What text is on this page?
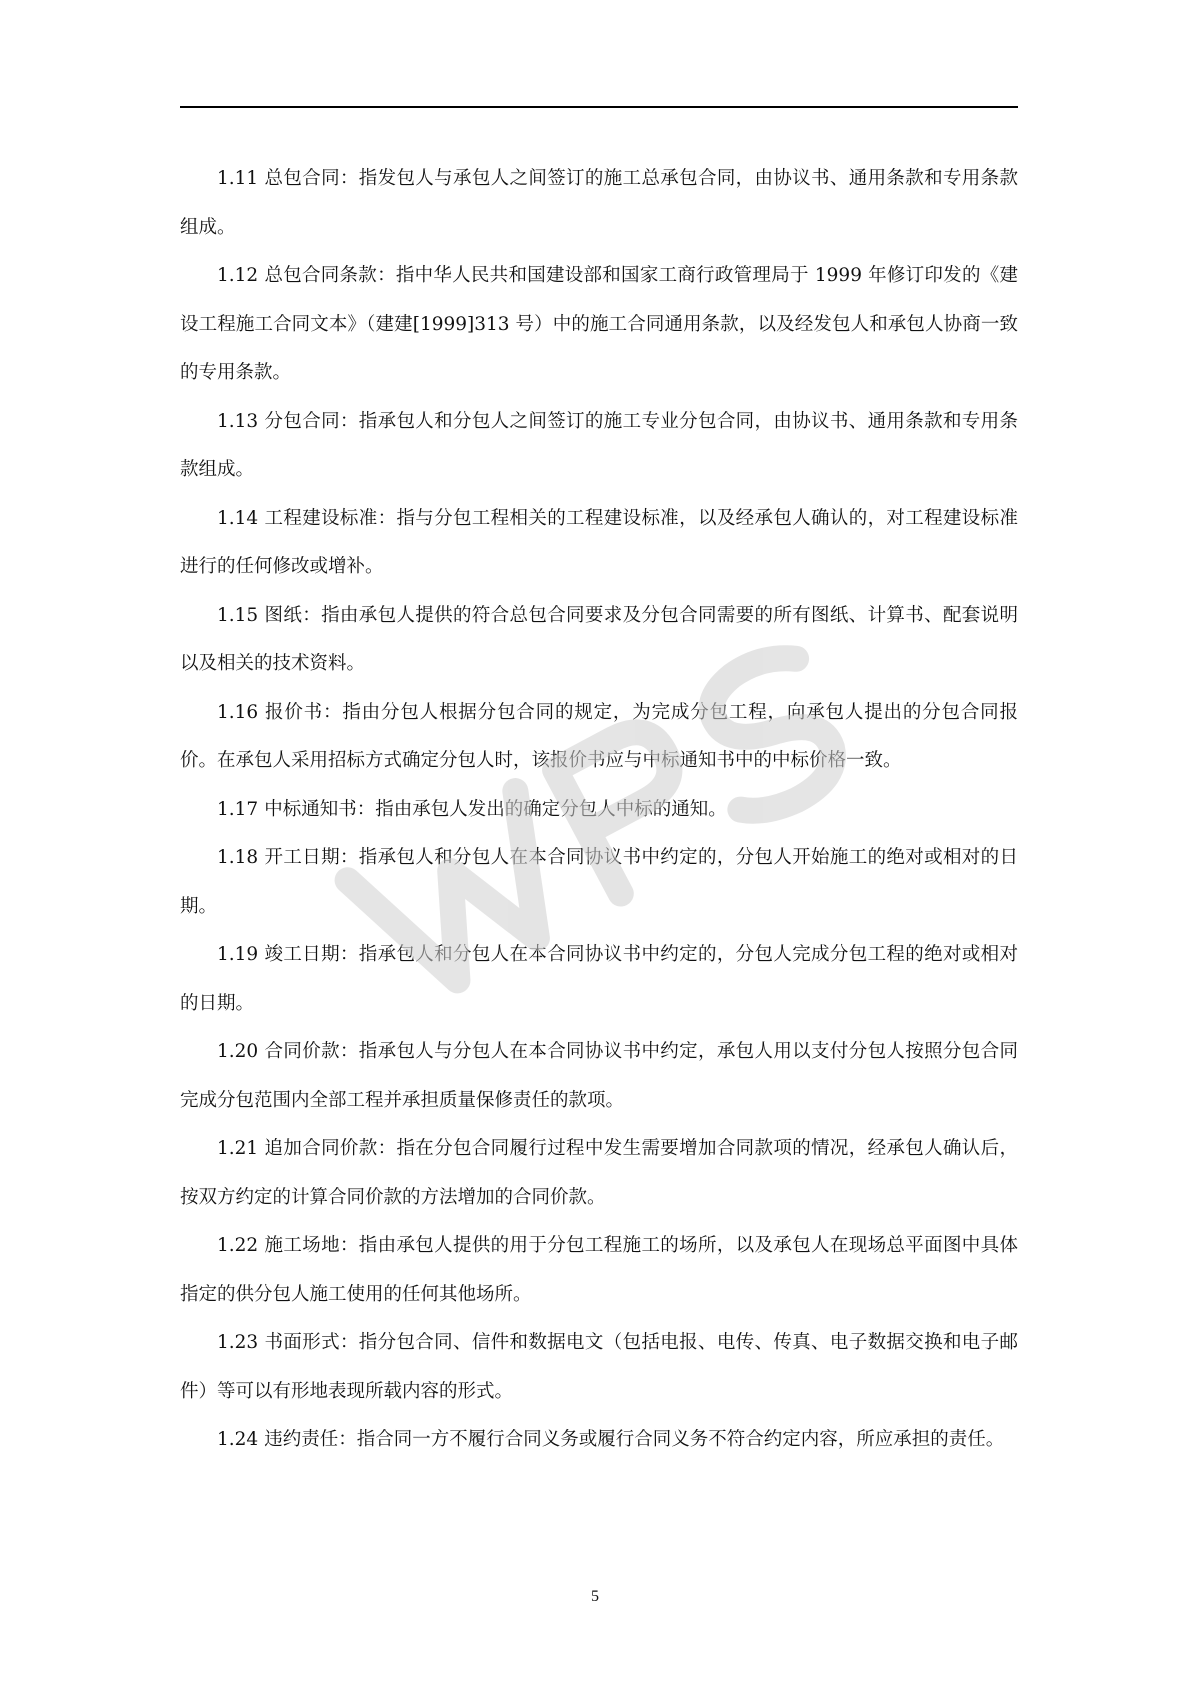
1.11 总包合同：指发包人与承包人之间签订的施工总承包合同，由协议书、通用条款和专用条款组成。

1.12 总包合同条款：指中华人民共和国建设部和国家工商行政管理局于 1999 年修订印发的《建设工程施工合同文本》（建建[1999]313 号）中的施工合同通用条款，以及经发包人和承包人协商一致的专用条款。

1.13 分包合同：指承包人和分包人之间签订的施工专业分包合同，由协议书、通用条款和专用条款组成。

1.14 工程建设标准：指与分包工程相关的工程建设标准，以及经承包人确认的，对工程建设标准进行的任何修改或增补。

1.15 图纸：指由承包人提供的符合总包合同要求及分包合同需要的所有图纸、计算书、配套说明以及相关的技术资料。

1.16 报价书：指由分包人根据分包合同的规定，为完成分包工程，向承包人提出的分包合同报价。在承包人采用招标方式确定分包人时，该报价书应与中标通知书中的中标价格一致。

1.17 中标通知书：指由承包人发出的确定分包人中标的通知。

1.18 开工日期：指承包人和分包人在本合同协议书中约定的，分包人开始施工的绝对或相对的日期。

1.19 竣工日期：指承包人和分包人在本合同协议书中约定的，分包人完成分包工程的绝对或相对的日期。

1.20 合同价款：指承包人与分包人在本合同协议书中约定，承包人用以支付分包人按照分包合同完成分包范围内全部工程并承担质量保修责任的款项。

1.21 追加合同价款：指在分包合同履行过程中发生需要增加合同款项的情况，经承包人确认后，按双方约定的计算合同价款的方法增加的合同价款。

1.22 施工场地：指由承包人提供的用于分包工程施工的场所，以及承包人在现场总平面图中具体指定的供分包人施工使用的任何其他场所。

1.23 书面形式：指分包合同、信件和数据电文（包括电报、电传、传真、电子数据交换和电子邮件）等可以有形地表现所载内容的形式。

1.24 违约责任：指合同一方不履行合同义务或履行合同义务不符合约定内容，所应承担的责任。

5
